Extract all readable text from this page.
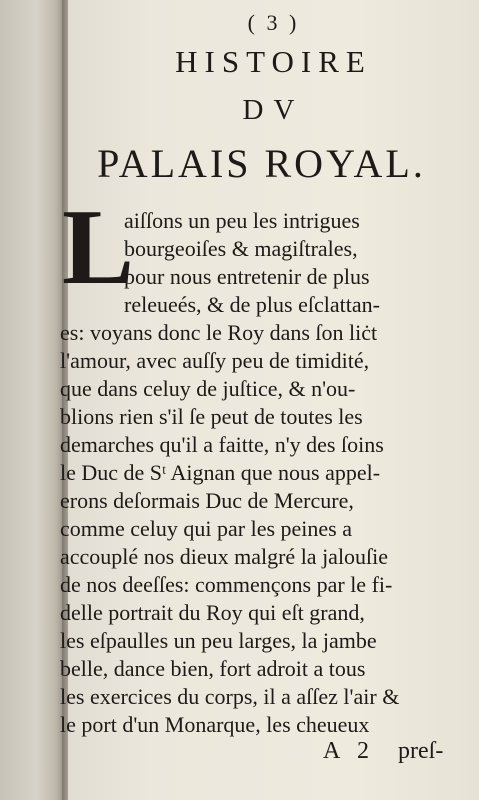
( 3 )
HISTOIRE
DV
PALAIS ROYAL.
L
aiſſons un peu les intrigues
bourgeoiſes & magiſtrales,
pour nous entretenir de plus
releueés, & de plus eſclattan-
es: voyans donc le Roy dans ſon liċt
l'amour, avec auſſy peu de timidité,
que dans celuy de juſtice, & n'ou-
blions rien s'il ſe peut de toutes les
demarches qu'il a faitte, n'y des ſoins
le Duc de Sᵗ Aignan que nous appel-
erons deſormais Duc de Mercure,
comme celuy qui par les peines a
accouplé nos dieux malgré la jalouſie
de nos deeſſes: commençons par le fi-
delle portrait du Roy qui eſt grand,
les eſpaulles un peu larges, la jambe
belle, dance bien, fort adroit a tous
les exercices du corps, il a aſſez l'air &
le port d'un Monarque, les cheueux
A 2 preſ-
